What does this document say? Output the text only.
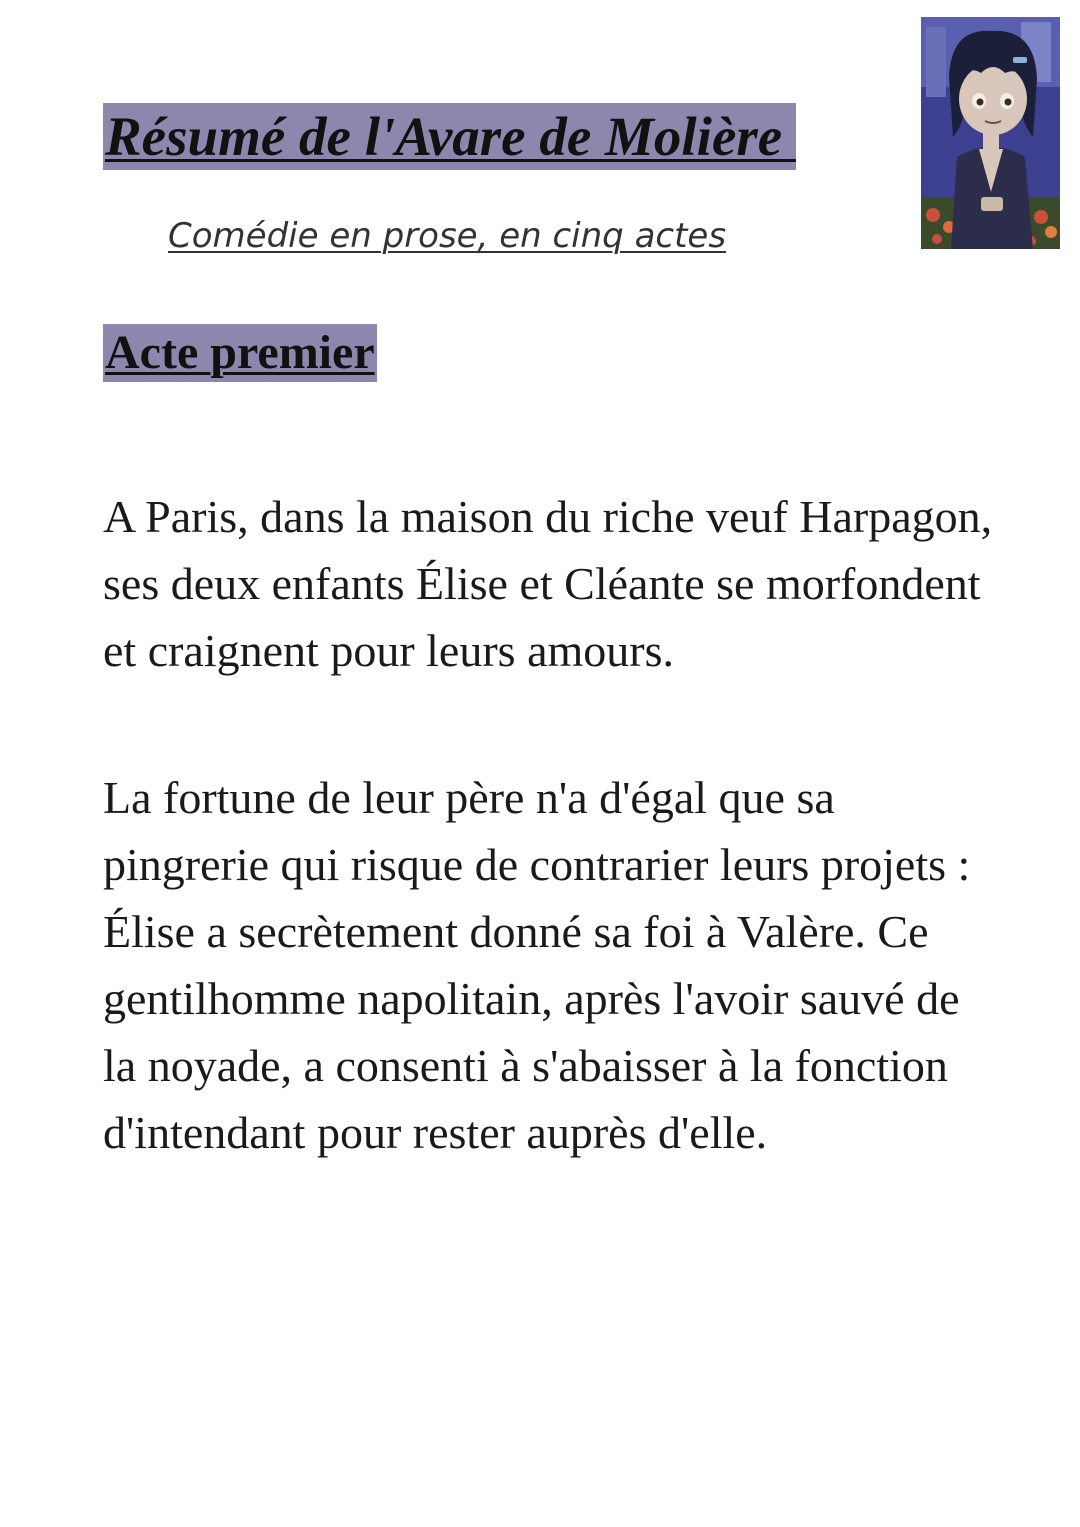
Résumé de l'Avare de Molière

Comédie en prose, en cinq actes

Acte premier

A Paris, dans la maison du riche veuf Harpagon, ses deux enfants Élise et Cléante se morfondent et craignent pour leurs amours.

La fortune de leur père n'a d'égal que sa pingrerie qui risque de contrarier leurs projets : Élise a secrètement donné sa foi à Valère. Ce gentilhomme napolitain, après l'avoir sauvé de la noyade, a consenti à s'abaisser à la fonction d'intendant pour rester auprès d'elle.
